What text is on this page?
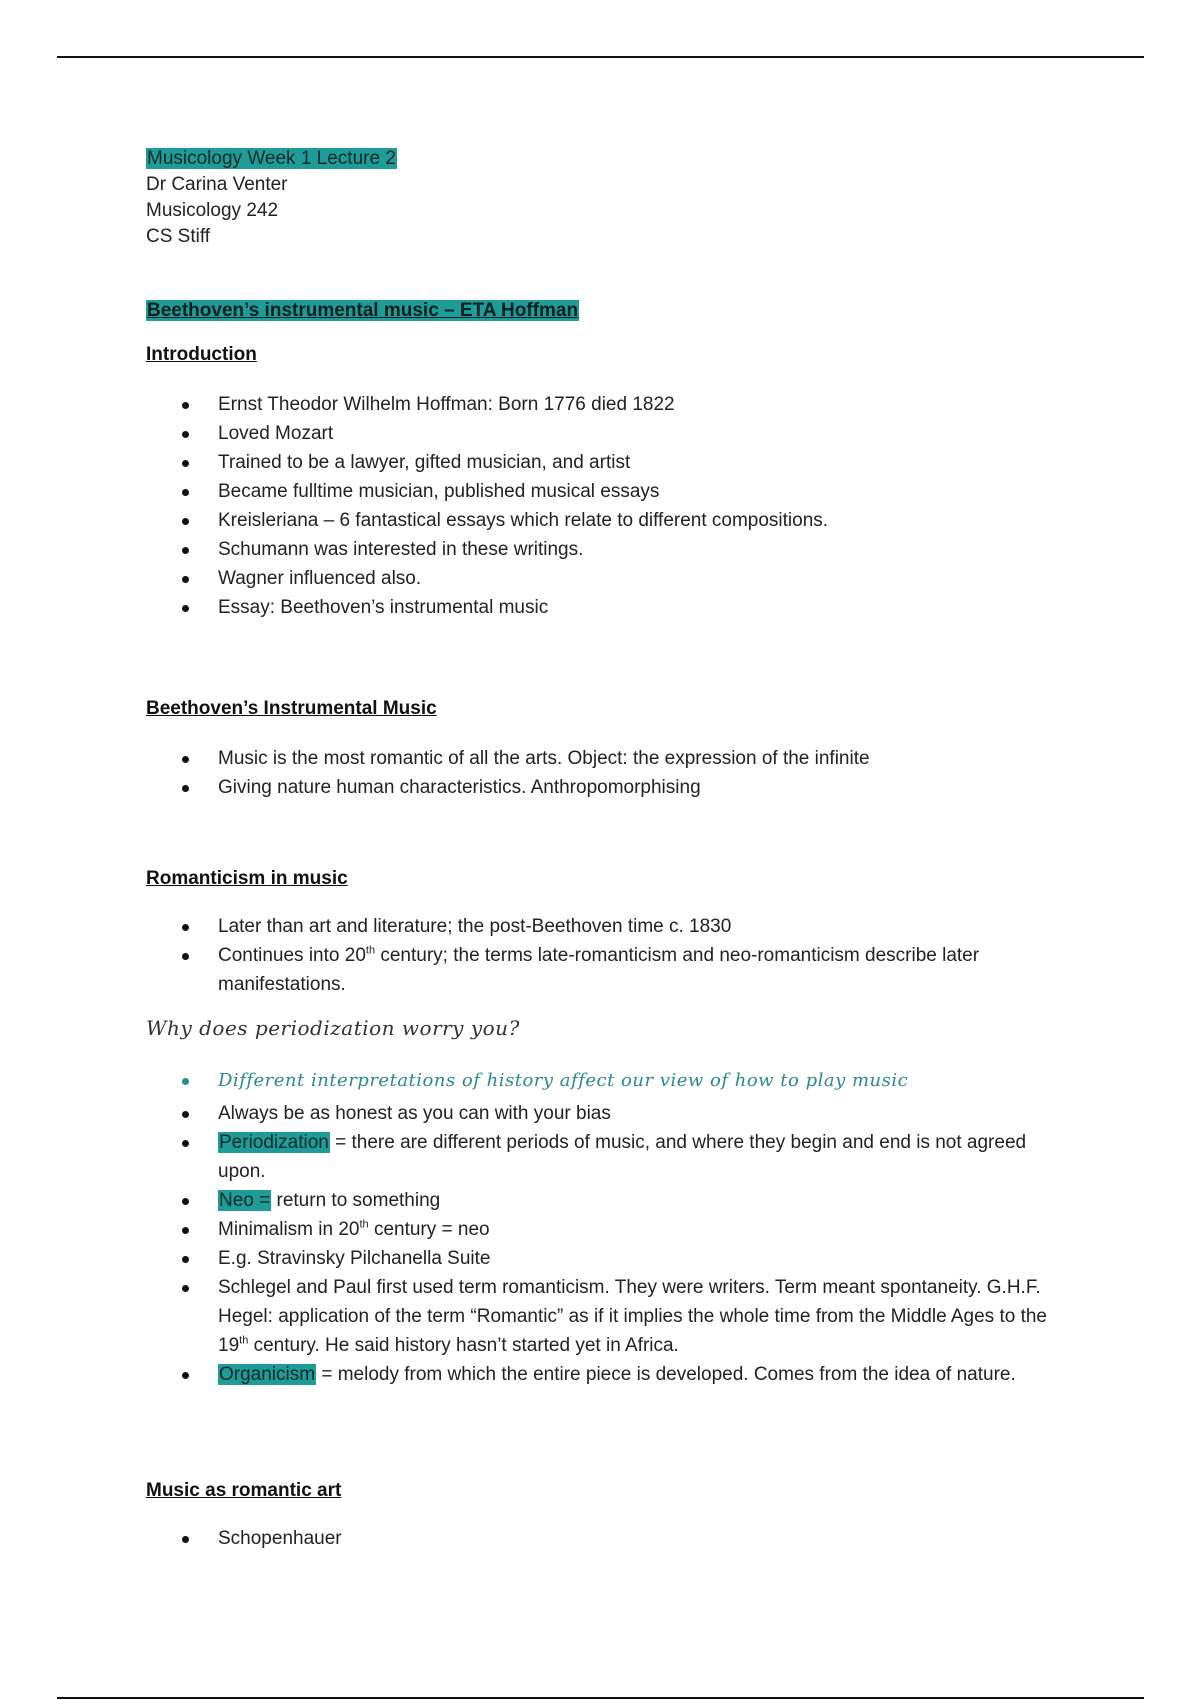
Musicology Week 1 Lecture 2

Dr Carina Venter

Musicology 242

CS Stiff

Beethoven’s instrumental music – ETA Hoffman

Introduction

Ernst Theodor Wilhelm Hoffman: Born 1776 died 1822
Loved Mozart
Trained to be a lawyer, gifted musician, and artist
Became fulltime musician, published musical essays
Kreisleriana – 6 fantastical essays which relate to different compositions.
Schumann was interested in these writings.
Wagner influenced also.
Essay: Beethoven’s instrumental music

Beethoven’s Instrumental Music

Music is the most romantic of all the arts. Object: the expression of the infinite
Giving nature human characteristics. Anthropomorphising

Romanticism in music

Later than art and literature; the post-Beethoven time c. 1830
Continues into 20th century; the terms late-romanticism and neo-romanticism describe later manifestations.

Why does periodization worry you?

Different interpretations of history affect our view of how to play music
Always be as honest as you can with your bias
Periodization = there are different periods of music, and where they begin and end is not agreed upon.
Neo = return to something
Minimalism in 20th century = neo
E.g. Stravinsky Pilchanella Suite
Schlegel and Paul first used term romanticism. They were writers. Term meant spontaneity. G.H.F. Hegel: application of the term “Romantic” as if it implies the whole time from the Middle Ages to the 19th century. He said history hasn’t started yet in Africa.
Organicism = melody from which the entire piece is developed. Comes from the idea of nature.

Music as romantic art

Schopenhauer
